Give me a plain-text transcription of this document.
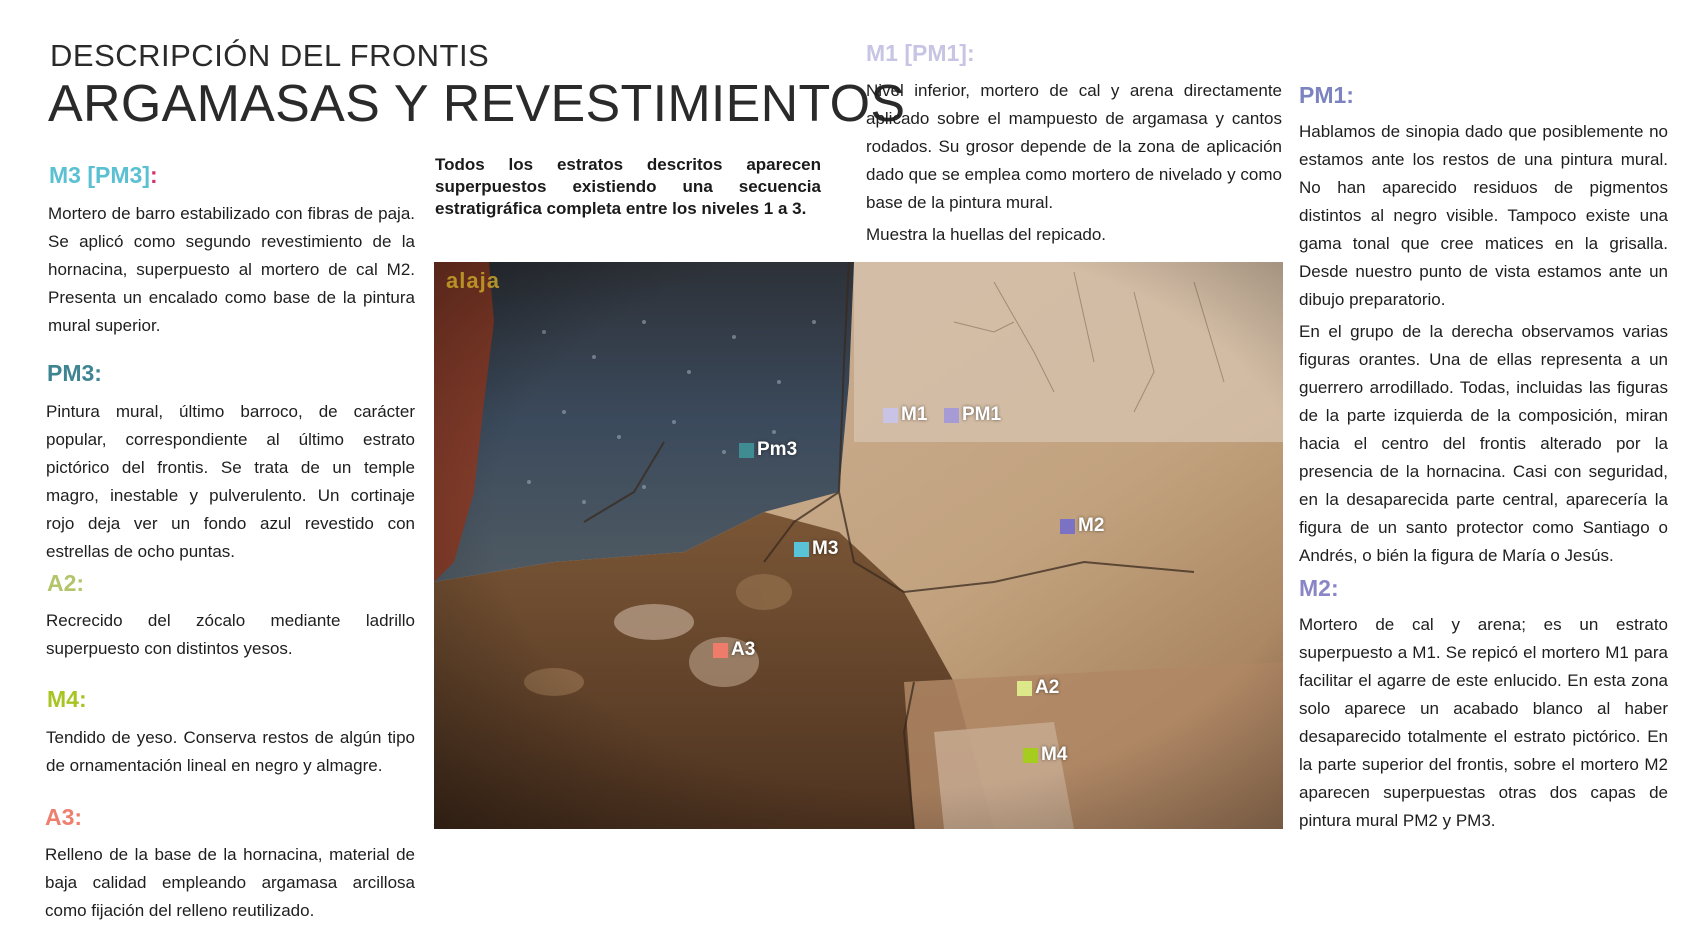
DESCRIPCIÓN DEL FRONTIS
ARGAMASAS Y REVESTIMIENTOS
M3 [PM3]:

Mortero de barro estabilizado con fibras de paja. Se aplicó como segundo revestimiento de la hornacina, superpuesto al mortero de cal M2. Presenta un encalado como base de la pintura mural superior.

PM3:

Pintura mural, último barroco, de carácter popular, correspondiente al último estrato pictórico del frontis. Se trata de un temple magro, inestable y pulverulento. Un cortinaje rojo deja ver un fondo azul revestido con estrellas de ocho puntas.

A2:

Recrecido del zócalo mediante ladrillo superpuesto con distintos yesos.

M4:

Tendido de yeso. Conserva restos de algún tipo de ornamentación lineal en negro y almagre.

A3:

Relleno de la base de la hornacina, material de baja calidad empleando argamasa arcillosa como fijación del relleno reutilizado.

Todos los estratos descritos aparecen superpuestos existiendo una secuencia estratigráfica completa entre los niveles 1 a 3.
M1 [PM1]:

Nivel inferior, mortero de cal y arena directamente aplicado sobre el mampuesto de argamasa y cantos rodados. Su grosor depende de la zona de aplicación dado que se emplea como mortero de nivelado y como base de la pintura mural.

Muestra la huellas del repicado.

PM1:

Hablamos de sinopia dado que posiblemente no estamos ante los restos de una pintura mural. No han aparecido residuos de pigmentos distintos al negro visible. Tampoco existe una gama tonal que cree matices en la grisalla. Desde nuestro punto de vista estamos ante un dibujo preparatorio.

En el grupo de la derecha observamos varias figuras orantes. Una de ellas representa a un guerrero arrodillado. Todas, incluidas las figuras de la parte izquierda de la composición, miran hacia el centro del frontis alterado por la presencia de la hornacina. Casi con seguridad, en la desaparecida parte central, aparecería la figura de un santo protector como Santiago o Andrés, o bién la figura de María o Jesús.

M2:

Mortero de cal y arena; es un estrato superpuesto a M1. Se repicó el mortero M1 para facilitar el agarre de este enlucido. En esta zona solo aparece un acabado blanco al haber desaparecido totalmente el estrato pictórico. En la parte superior del frontis, sobre el mortero M2 aparecen superpuestas otras dos capas de pintura mural PM2 y PM3.

alaja
M1 PM1
Pm3
M3
M2
A3
A2
M4
